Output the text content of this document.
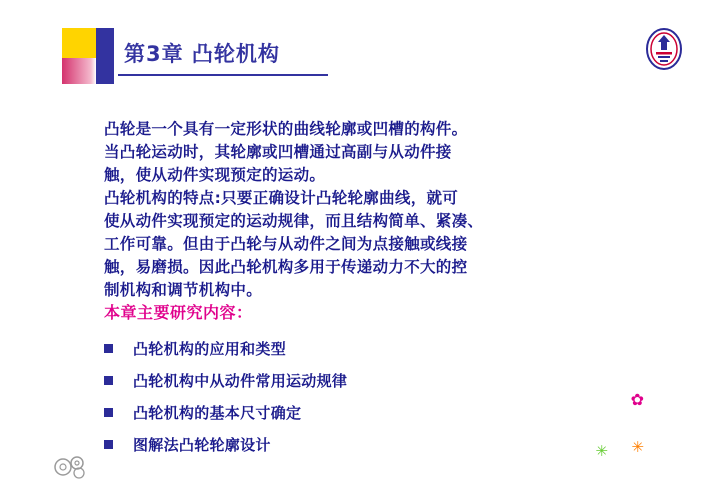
第3章 凸轮机构

凸轮是一个具有一定形状的曲线轮廓或凹槽的构件。

当凸轮运动时，其轮廓或凹槽通过高副与从动件接

触，使从动件实现预定的运动。

凸轮机构的特点:只要正确设计凸轮轮廓曲线，就可

使从动件实现预定的运动规律，而且结构简单、紧凑、

工作可靠。但由于凸轮与从动件之间为点接触或线接

触，易磨损。因此凸轮机构多用于传递动力不大的控

制机构和调节机构中。

本章主要研究内容：
凸轮机构的应用和类型
凸轮机构中从动件常用运动规律
凸轮机构的基本尺寸确定
图解法凸轮轮廓设计
✿
✳
✳
